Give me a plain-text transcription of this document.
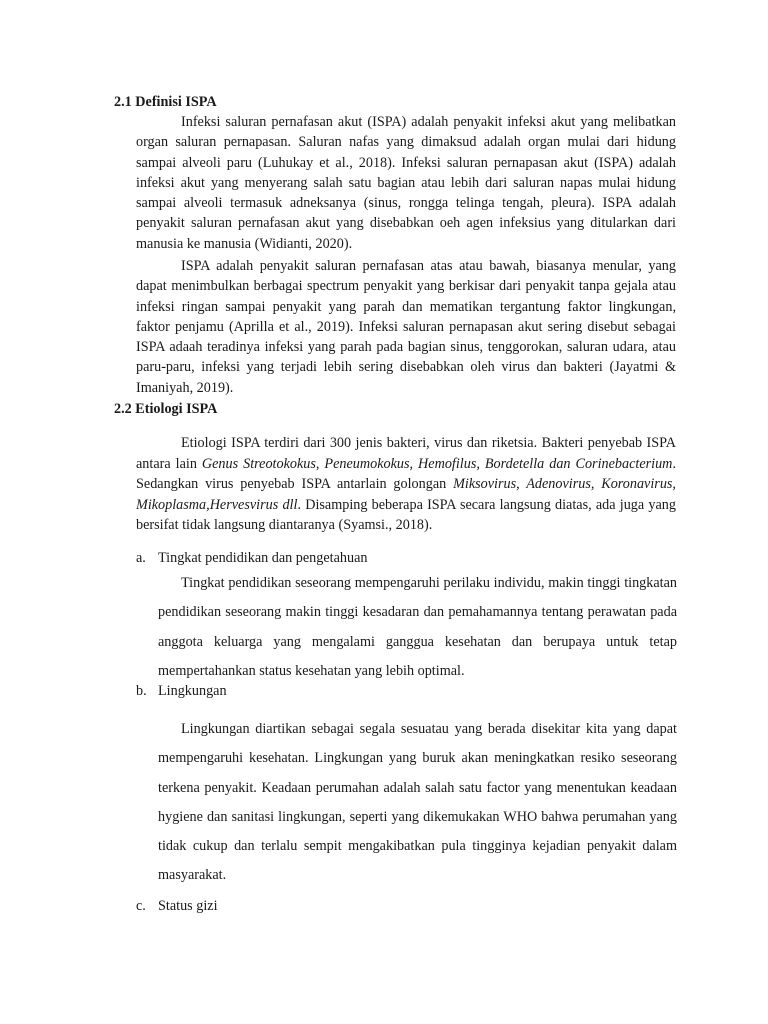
2.1 Definisi ISPA

Infeksi saluran pernafasan akut (ISPA) adalah penyakit infeksi akut yang melibatkan organ saluran pernapasan. Saluran nafas yang dimaksud adalah organ mulai dari hidung sampai alveoli paru (Luhukay et al., 2018). Infeksi saluran pernapasan akut (ISPA) adalah infeksi akut yang menyerang salah satu bagian atau lebih dari saluran napas mulai hidung sampai alveoli termasuk adneksanya (sinus, rongga telinga tengah, pleura). ISPA adalah penyakit saluran pernafasan akut yang disebabkan oeh agen infeksius yang ditularkan dari manusia ke manusia (Widianti, 2020).

ISPA adalah penyakit saluran pernafasan atas atau bawah, biasanya menular, yang dapat menimbulkan berbagai spectrum penyakit yang berkisar dari penyakit tanpa gejala atau infeksi ringan sampai penyakit yang parah dan mematikan tergantung faktor lingkungan, faktor penjamu (Aprilla et al., 2019). Infeksi saluran pernapasan akut sering disebut sebagai ISPA adaah teradinya infeksi yang parah pada bagian sinus, tenggorokan, saluran udara, atau paru-paru, infeksi yang terjadi lebih sering disebabkan oleh virus dan bakteri (Jayatmi & Imaniyah, 2019).

2.2 Etiologi ISPA

Etiologi ISPA terdiri dari 300 jenis bakteri, virus dan riketsia. Bakteri penyebab ISPA antara lain Genus Streotokokus, Peneumokokus, Hemofilus, Bordetella dan Corinebacterium. Sedangkan virus penyebab ISPA antarlain golongan Miksovirus, Adenovirus, Koronavirus, Mikoplasma,Hervesvirus dll. Disamping beberapa ISPA secara langsung diatas, ada juga yang bersifat tidak langsung diantaranya (Syamsi., 2018).

a. Tingkat pendidikan dan pengetahuan

Tingkat pendidikan seseorang mempengaruhi perilaku individu, makin tinggi tingkatan pendidikan seseorang makin tinggi kesadaran dan pemahamannya tentang perawatan pada anggota keluarga yang mengalami ganggua kesehatan dan berupaya untuk tetap mempertahankan status kesehatan yang lebih optimal.

b. Lingkungan

Lingkungan diartikan sebagai segala sesuatau yang berada disekitar kita yang dapat mempengaruhi kesehatan. Lingkungan yang buruk akan meningkatkan resiko seseorang terkena penyakit. Keadaan perumahan adalah salah satu factor yang menentukan keadaan hygiene dan sanitasi lingkungan, seperti yang dikemukakan WHO bahwa perumahan yang tidak cukup dan terlalu sempit mengakibatkan pula tingginya kejadian penyakit dalam masyarakat.

c. Status gizi
